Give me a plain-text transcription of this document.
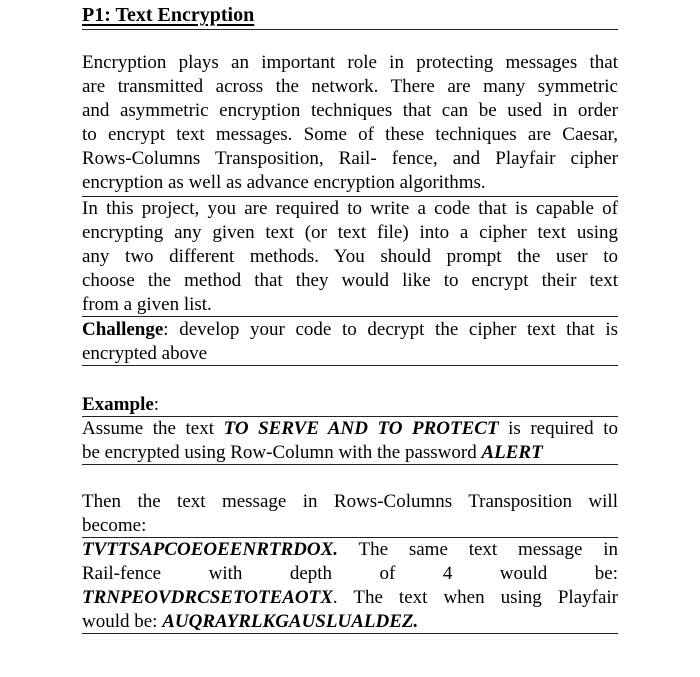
P1: Text Encryption
Encryption plays an important role in protecting messages that
are transmitted across the network. There are many symmetric
and asymmetric encryption techniques that can be used in order
to encrypt text messages. Some of these techniques are Caesar,
Rows-Columns Transposition, Rail- fence, and Playfair cipher
encryption as well as advance encryption algorithms.
In this project, you are required to write a code that is capable of
encrypting any given text (or text file) into a cipher text using
any two different methods. You should prompt the user to
choose the method that they would like to encrypt their text
from a given list.
Challenge: develop your code to decrypt the cipher text that is
encrypted above
Example:
Assume the text TO SERVE AND TO PROTECT is required to
be encrypted using Row-Column with the password ALERT
Then the text message in Rows-Columns Transposition will
become:
TVTTSAPCOEOEENRTRDOX. The same text message in
Rail-fence with depth of 4 would be:
TRNPEOVDRCSETOTEAOTX. The text when using Playfair
would be: AUQRAYRLKGAUSLUALDEZ.
